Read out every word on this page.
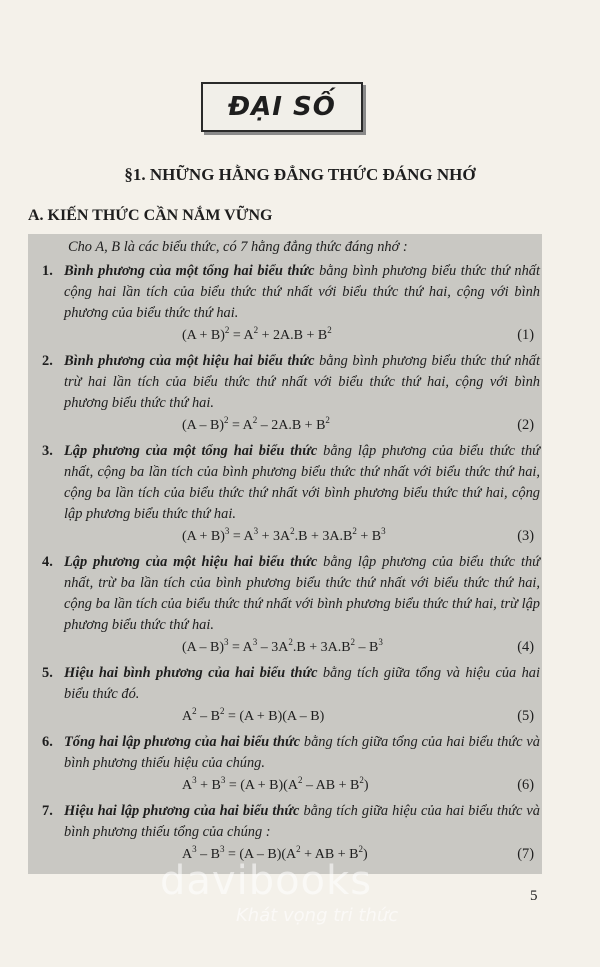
ĐẠI SỐ
§1. NHỮNG HẰNG ĐẲNG THỨC ĐÁNG NHỚ
A. KIẾN THỨC CẦN NẮM VỮNG

Cho A, B là các biểu thức, có 7 hằng đẳng thức đáng nhớ :

1. Bình phương của một tổng hai biểu thức bằng bình phương biểu thức thứ nhất cộng hai lần tích của biểu thức thứ nhất với biểu thức thứ hai, cộng với bình phương của biểu thức thứ hai.

$(A + B)^2 = A^2 + 2A.B + B^2$	(1)

2. Bình phương của một hiệu hai biểu thức bằng bình phương biểu thức thứ nhất trừ hai lần tích của biểu thức thứ nhất với biểu thức thứ hai, cộng với bình phương biểu thức thứ hai.

$(A - B)^2 = A^2 - 2A.B + B^2$	(2)

3. Lập phương của một tổng hai biểu thức bằng lập phương của biểu thức thứ nhất, cộng ba lần tích của bình phương biểu thức thứ nhất với biểu thức thứ hai, cộng ba lần tích của biểu thức thứ nhất với bình phương biểu thức thứ hai, cộng lập phương biểu thức thứ hai.

$(A + B)^3 = A^3 + 3A^2.B + 3A.B^2 + B^3$	(3)

4. Lập phương của một hiệu hai biểu thức bằng lập phương của biểu thức thứ nhất, trừ ba lần tích của bình phương biểu thức thứ nhất với biểu thức thứ hai, cộng ba lần tích của biểu thức thứ nhất với bình phương biểu thức thứ hai, trừ lập phương biểu thức thứ hai.

$(A - B)^3 = A^3 - 3A^2.B + 3A.B^2 - B^3$	(4)

5. Hiệu hai bình phương của hai biểu thức bằng tích giữa tổng và hiệu của hai biểu thức đó.

$A^2 - B^2 = (A + B)(A - B)$	(5)

6. Tổng hai lập phương của hai biểu thức bằng tích giữa tổng của hai biểu thức và bình phương thiếu hiệu của chúng.

$A^3 + B^3 = (A + B)(A^2$ – AB + $B^2$)	(6)

7. Hiệu hai lập phương của hai biểu thức bằng tích giữa hiệu của hai biểu thức và bình phương thiếu tổng của chúng :

$A^3 - B^3 = (A - B)(A^2$ + AB + $B^2$)	(7)
5
davibooks
Khát vọng tri thức
